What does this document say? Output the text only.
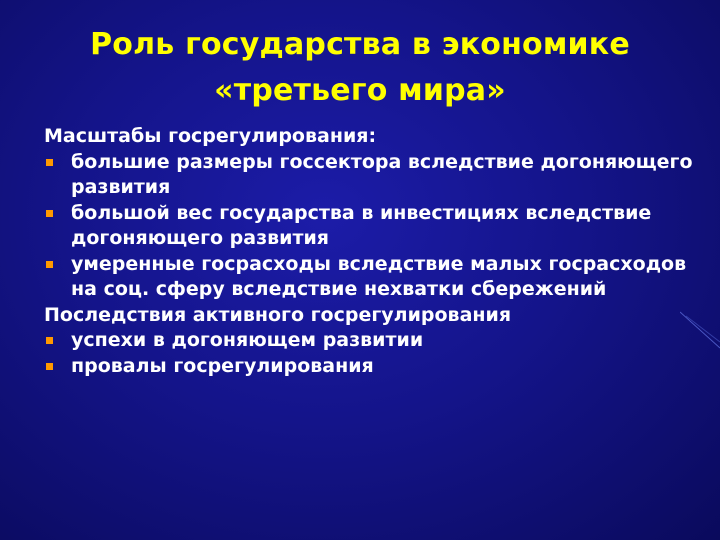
Роль государства в экономике
«третьего мира»

Масштабы госрегулирования:

большие размеры госсектора вследствие догоняющего развития
большой вес государства в инвестициях вследствие догоняющего развития
умеренные госрасходы вследствие малых госрасходов на соц. сферу вследствие нехватки сбережений

Последствия активного госрегулирования

успехи в догоняющем развитии
провалы госрегулирования
